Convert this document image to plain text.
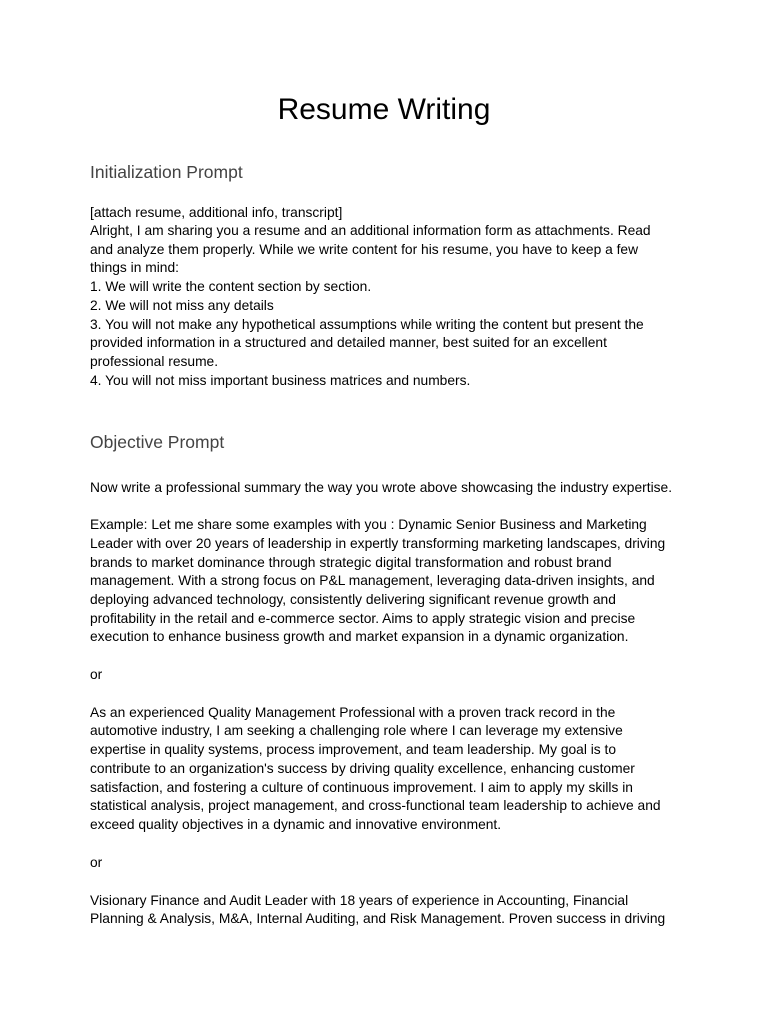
Resume Writing
Initialization Prompt

[attach resume, additional info, transcript]

Alright, I am sharing you a resume and an additional information form as attachments. Read

and analyze them properly. While we write content for his resume, you have to keep a few

things in mind:

1. We will write the content section by section.

2. We will not miss any details

3. You will not make any hypothetical assumptions while writing the content but present the

provided information in a structured and detailed manner, best suited for an excellent

professional resume.

4. You will not miss important business matrices and numbers.

Objective Prompt

Now write a professional summary the way you wrote above showcasing the industry expertise.

Example: Let me share some examples with you : Dynamic Senior Business and Marketing

Leader with over 20 years of leadership in expertly transforming marketing landscapes, driving

brands to market dominance through strategic digital transformation and robust brand

management. With a strong focus on P&L management, leveraging data-driven insights, and

deploying advanced technology, consistently delivering significant revenue growth and

profitability in the retail and e-commerce sector. Aims to apply strategic vision and precise

execution to enhance business growth and market expansion in a dynamic organization.

or

As an experienced Quality Management Professional with a proven track record in the

automotive industry, I am seeking a challenging role where I can leverage my extensive

expertise in quality systems, process improvement, and team leadership. My goal is to

contribute to an organization's success by driving quality excellence, enhancing customer

satisfaction, and fostering a culture of continuous improvement. I aim to apply my skills in

statistical analysis, project management, and cross-functional team leadership to achieve and

exceed quality objectives in a dynamic and innovative environment.

or

Visionary Finance and Audit Leader with 18 years of experience in Accounting, Financial

Planning & Analysis, M&A, Internal Auditing, and Risk Management. Proven success in driving
